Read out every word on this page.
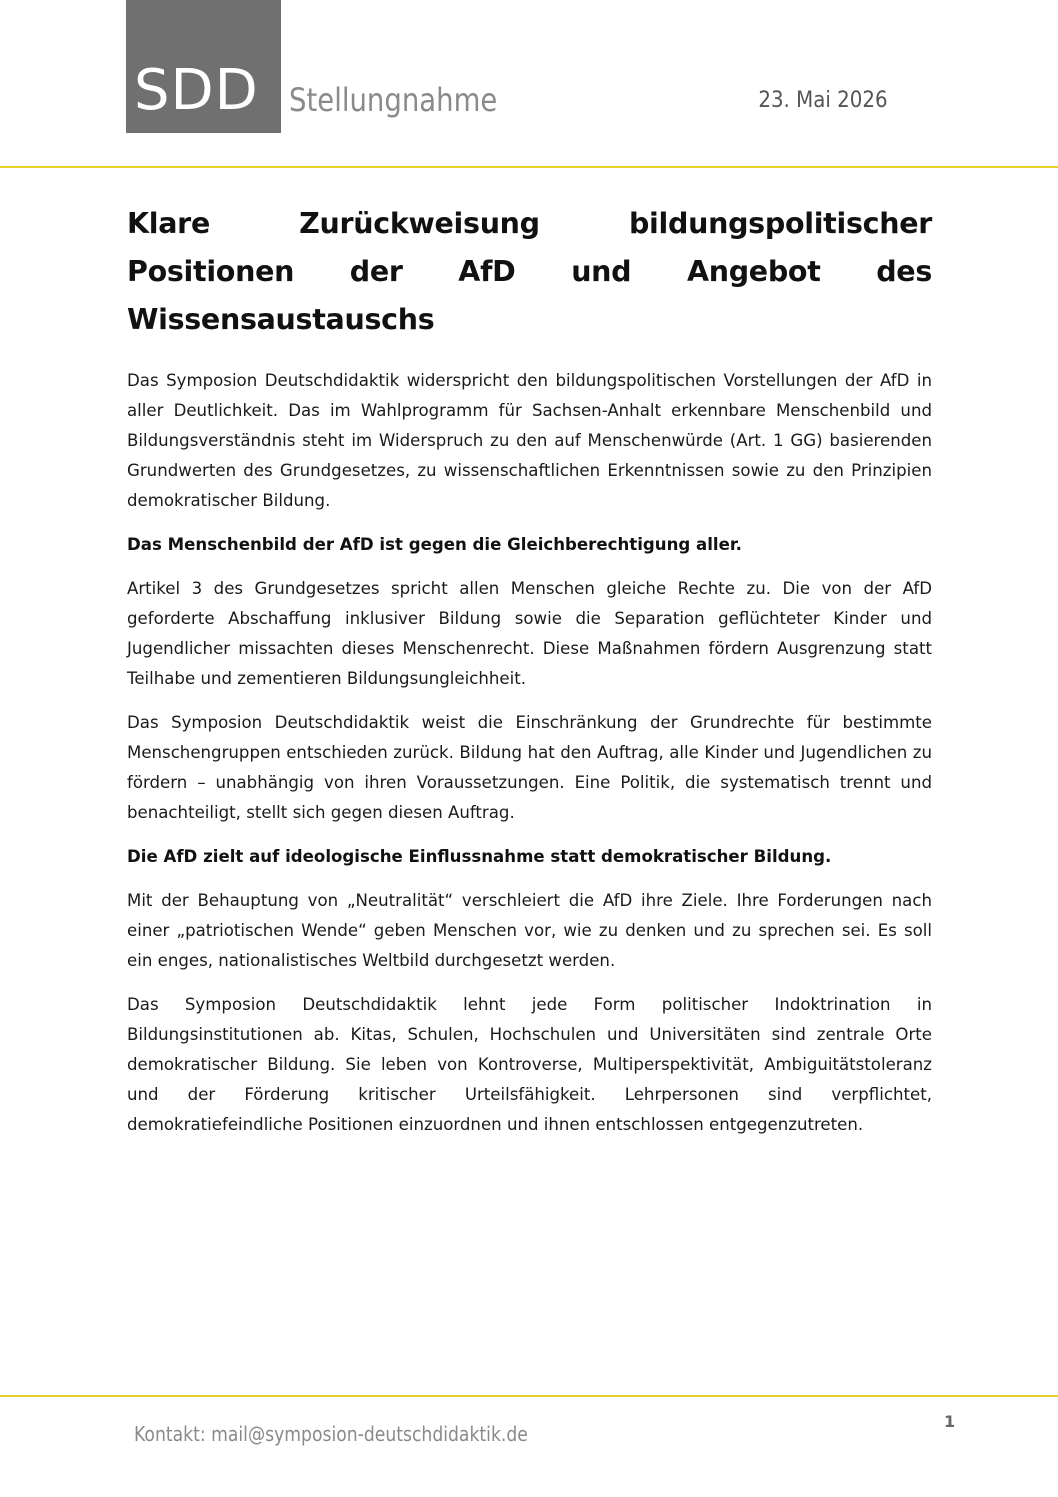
SDD Stellungnahme	23. Mai 2026
Klare Zurückweisung bildungspolitischer Positionen der AfD und Angebot des Wissensaustauschs

Das Symposion Deutschdidaktik widerspricht den bildungspolitischen Vorstellungen der AfD in aller Deutlichkeit. Das im Wahlprogramm für Sachsen-Anhalt erkennbare Menschenbild und Bildungsverständnis steht im Widerspruch zu den auf Menschenwürde (Art. 1 GG) basierenden Grundwerten des Grundgesetzes, zu wissenschaftlichen Erkenntnissen sowie zu den Prinzipien demokratischer Bildung.

Das Menschenbild der AfD ist gegen die Gleichberechtigung aller.

Artikel 3 des Grundgesetzes spricht allen Menschen gleiche Rechte zu. Die von der AfD geforderte Abschaffung inklusiver Bildung sowie die Separation geflüchteter Kinder und Jugendlicher missachten dieses Menschenrecht. Diese Maßnahmen fördern Ausgrenzung statt Teilhabe und zementieren Bildungsungleichheit.

Das Symposion Deutschdidaktik weist die Einschränkung der Grundrechte für bestimmte Menschengruppen entschieden zurück. Bildung hat den Auftrag, alle Kinder und Jugendlichen zu fördern – unabhängig von ihren Voraussetzungen. Eine Politik, die systematisch trennt und benachteiligt, stellt sich gegen diesen Auftrag.

Die AfD zielt auf ideologische Einflussnahme statt demokratischer Bildung.

Mit der Behauptung von „Neutralität“ verschleiert die AfD ihre Ziele. Ihre Forderungen nach einer „patriotischen Wende“ geben Menschen vor, wie zu denken und zu sprechen sei. Es soll ein enges, nationalistisches Weltbild durchgesetzt werden.

Das Symposion Deutschdidaktik lehnt jede Form politischer Indoktrination in Bildungsinstitutionen ab. Kitas, Schulen, Hochschulen und Universitäten sind zentrale Orte demokratischer Bildung. Sie leben von Kontroverse, Multiperspektivität, Ambiguitätstoleranz und der Förderung kritischer Urteilsfähigkeit. Lehrpersonen sind verpflichtet, demokratiefeindliche Positionen einzuordnen und ihnen entschlossen entgegenzutreten.

Kontakt: mail@symposion-deutschdidaktik.de
1
